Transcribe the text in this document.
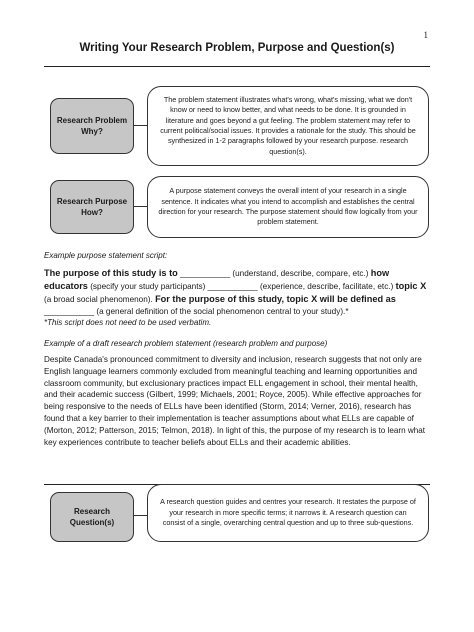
1
Writing Your Research Problem, Purpose and Question(s)
Research Problem
Why?
The problem statement illustrates what's wrong, what's missing, what we don't know or need to know better, and what needs to be done. It is grounded in literature and goes beyond a gut feeling. The problem statement may refer to current political/social issues. It provides a rationale for the study. This should be synthesized in 1-2 paragraphs followed by your research purpose. research question(s).
Research Purpose
How?
A purpose statement conveys the overall intent of your research in a single sentence. It indicates what you intend to accomplish and establishes the central direction for your research. The purpose statement should flow logically from your problem statement.
Example purpose statement script:
The purpose of this study is to ___________ (understand, describe, compare, etc.) how educators (specify your study participants) ___________ (experience, describe, facilitate, etc.) topic X (a broad social phenomenon). For the purpose of this study, topic X will be defined as ___________ (a general definition of the social phenomenon central to your study).*
*This script does not need to be used verbatim.
Example of a draft research problem statement (research problem and purpose)
Despite Canada's pronounced commitment to diversity and inclusion, research suggests that not only are English language learners commonly excluded from meaningful teaching and learning opportunities and classroom community, but exclusionary practices impact ELL engagement in school, their mental health, and their academic success (Gilbert, 1999; Michaels, 2001; Royce, 2005). While effective approaches for being responsive to the needs of ELLs have been identified (Storm, 2014; Verner, 2016), research has found that a key barrier to their implementation is teacher assumptions about what ELLs are capable of (Morton, 2012; Patterson, 2015; Telmon, 2018). In light of this, the purpose of my research is to learn what key experiences contribute to teacher beliefs about ELLs and their academic abilities.
Research
Question(s)
A research question guides and centres your research. It restates the purpose of your research in more specific terms; it narrows it. A research question can consist of a single, overarching central question and up to three sub-questions.
